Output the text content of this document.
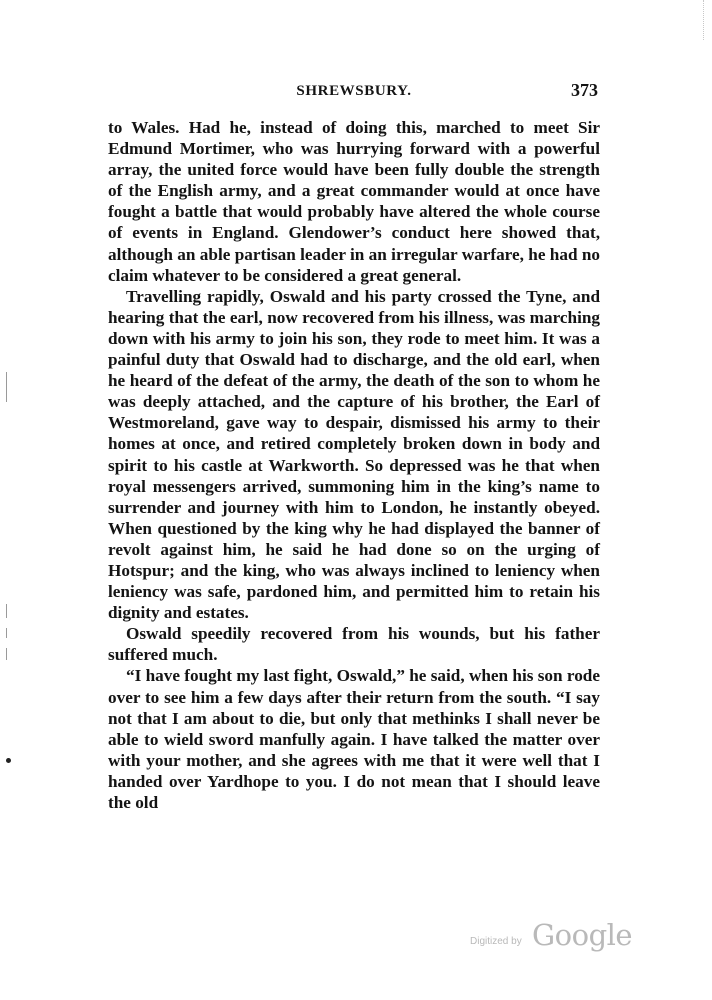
SHREWSBURY.	373

to Wales. Had he, instead of doing this, marched to meet Sir Edmund Mortimer, who was hurrying forward with a powerful array, the united force would have been fully double the strength of the English army, and a great commander would at once have fought a battle that would probably have altered the whole course of events in England. Glendower’s conduct here showed that, although an able partisan leader in an irregular warfare, he had no claim whatever to be considered a great general.

Travelling rapidly, Oswald and his party crossed the Tyne, and hearing that the earl, now recovered from his illness, was marching down with his army to join his son, they rode to meet him. It was a painful duty that Oswald had to discharge, and the old earl, when he heard of the defeat of the army, the death of the son to whom he was deeply attached, and the capture of his brother, the Earl of Westmoreland, gave way to despair, dismissed his army to their homes at once, and retired completely broken down in body and spirit to his castle at Warkworth. So depressed was he that when royal messengers arrived, summoning him in the king’s name to surrender and journey with him to London, he instantly obeyed. When questioned by the king why he had displayed the banner of revolt against him, he said he had done so on the urging of Hotspur; and the king, who was always inclined to leniency when leniency was safe, pardoned him, and permitted him to retain his dignity and estates.

Oswald speedily recovered from his wounds, but his father suffered much.

“I have fought my last fight, Oswald,” he said, when his son rode over to see him a few days after their return from the south. “I say not that I am about to die, but only that methinks I shall never be able to wield sword manfully again. I have talked the matter over with your mother, and she agrees with me that it were well that I handed over Yardhope to you. I do not mean that I should leave the old

Digitized by Google
